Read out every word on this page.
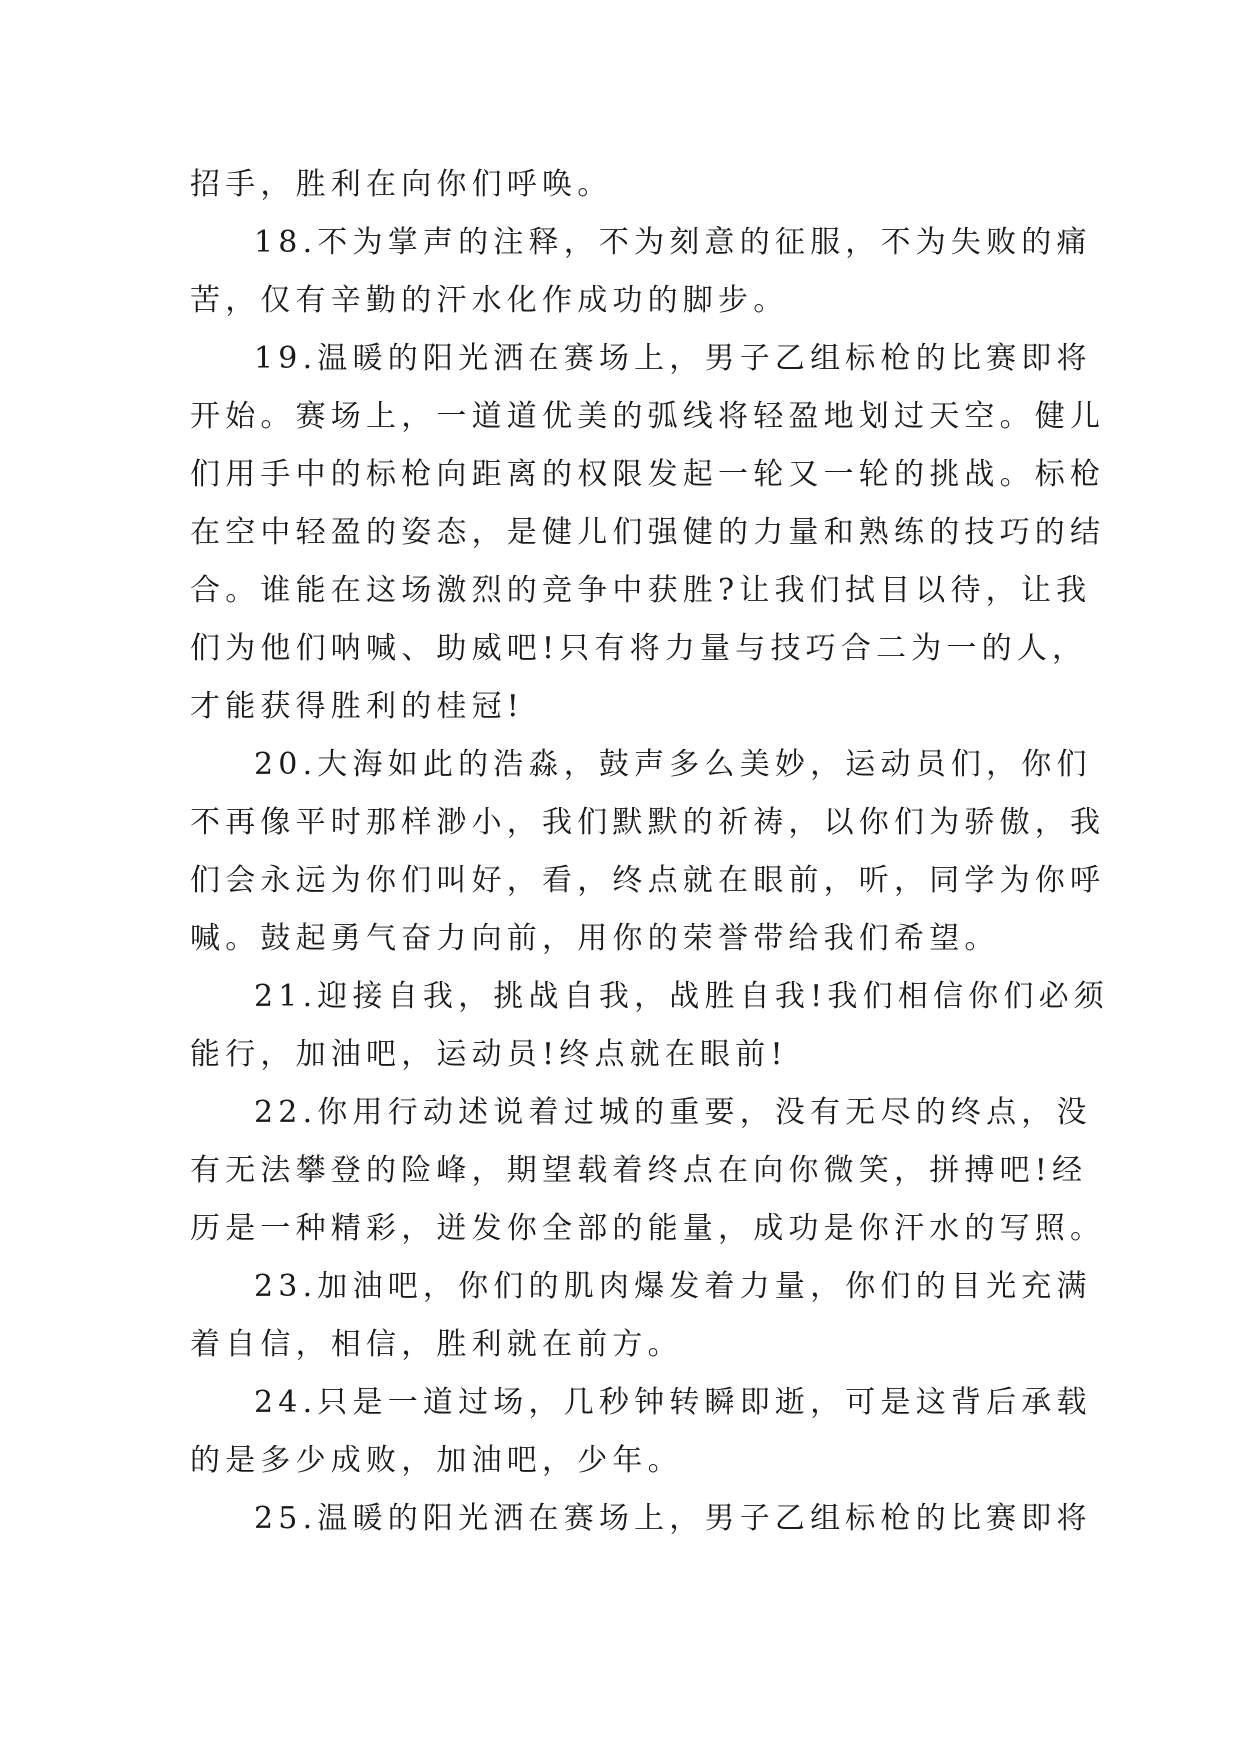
招手，胜利在向你们呼唤。
18.不为掌声的注释，不为刻意的征服，不为失败的痛
苦，仅有辛勤的汗水化作成功的脚步。
19.温暖的阳光洒在赛场上，男子乙组标枪的比赛即将
开始。赛场上，一道道优美的弧线将轻盈地划过天空。健儿
们用手中的标枪向距离的权限发起一轮又一轮的挑战。标枪
在空中轻盈的姿态，是健儿们强健的力量和熟练的技巧的结
合。谁能在这场激烈的竞争中获胜?让我们拭目以待，让我
们为他们呐喊、助威吧!只有将力量与技巧合二为一的人，
才能获得胜利的桂冠!
20.大海如此的浩淼，鼓声多么美妙，运动员们，你们
不再像平时那样渺小，我们默默的祈祷，以你们为骄傲，我
们会永远为你们叫好，看，终点就在眼前，听，同学为你呼
喊。鼓起勇气奋力向前，用你的荣誉带给我们希望。
21.迎接自我，挑战自我，战胜自我!我们相信你们必须
能行，加油吧，运动员!终点就在眼前!
22.你用行动述说着过城的重要，没有无尽的终点，没
有无法攀登的险峰，期望载着终点在向你微笑，拼搏吧!经
历是一种精彩，迸发你全部的能量，成功是你汗水的写照。
23.加油吧，你们的肌肉爆发着力量，你们的目光充满
着自信，相信，胜利就在前方。
24.只是一道过场，几秒钟转瞬即逝，可是这背后承载
的是多少成败，加油吧，少年。
25.温暖的阳光洒在赛场上，男子乙组标枪的比赛即将
